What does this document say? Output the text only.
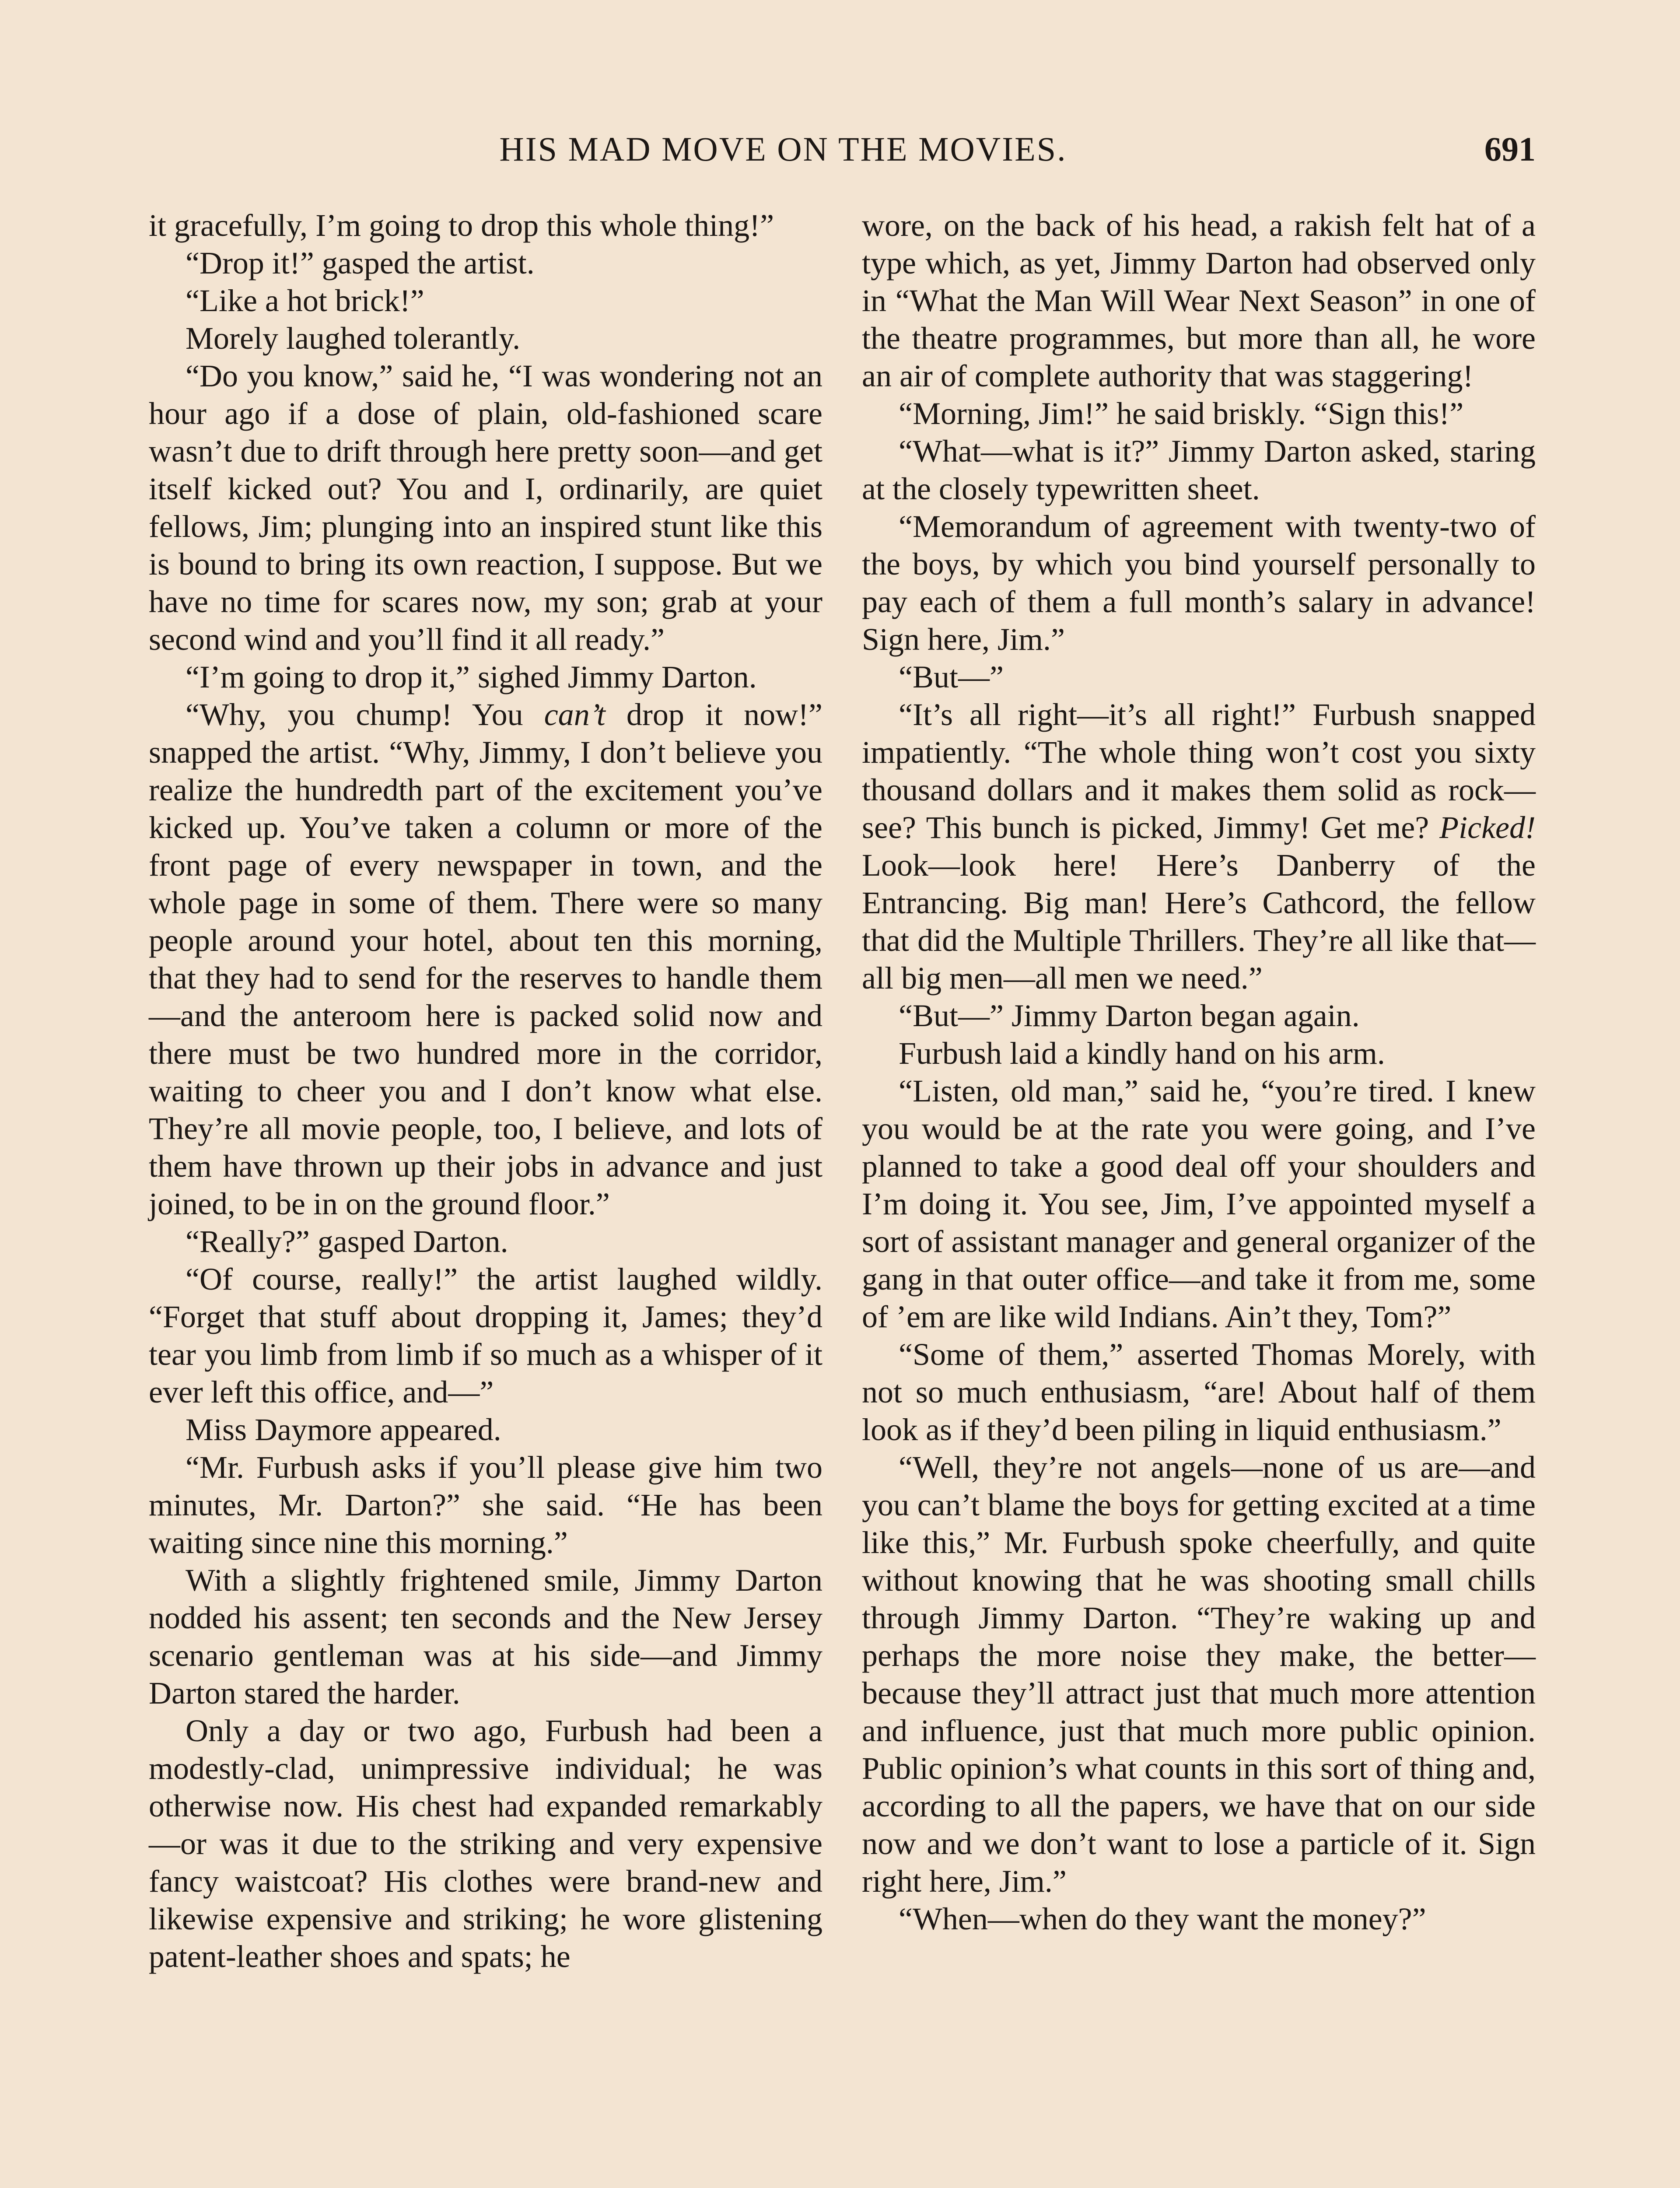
HIS MAD MOVE ON THE MOVIES.	691

it gracefully, I’m going to drop this whole thing!”

“Drop it!” gasped the artist.

“Like a hot brick!”

Morely laughed tolerantly.

“Do you know,” said he, “I was wondering not an hour ago if a dose of plain, old-fashioned scare wasn’t due to drift through here pretty soon—and get itself kicked out? You and I, ordinarily, are quiet fellows, Jim; plunging into an inspired stunt like this is bound to bring its own reaction, I suppose. But we have no time for scares now, my son; grab at your second wind and you’ll find it all ready.”

“I’m going to drop it,” sighed Jimmy Darton.

“Why, you chump! You can’t drop it now!” snapped the artist. “Why, Jimmy, I don’t believe you realize the hundredth part of the excitement you’ve kicked up. You’ve taken a column or more of the front page of every newspaper in town, and the whole page in some of them. There were so many people around your hotel, about ten this morning, that they had to send for the reserves to handle them—and the anteroom here is packed solid now and there must be two hundred more in the corridor, waiting to cheer you and I don’t know what else. They’re all movie people, too, I believe, and lots of them have thrown up their jobs in advance and just joined, to be in on the ground floor.”

“Really?” gasped Darton.

“Of course, really!” the artist laughed wildly. “Forget that stuff about dropping it, James; they’d tear you limb from limb if so much as a whisper of it ever left this office, and—”

Miss Daymore appeared.

“Mr. Furbush asks if you’ll please give him two minutes, Mr. Darton?” she said. “He has been waiting since nine this morning.”

With a slightly frightened smile, Jimmy Darton nodded his assent; ten seconds and the New Jersey scenario gentleman was at his side—and Jimmy Darton stared the harder.

Only a day or two ago, Furbush had been a modestly-clad, unimpressive individual; he was otherwise now. His chest had expanded remarkably—or was it due to the striking and very expensive fancy waistcoat? His clothes were brand-new and likewise expensive and striking; he wore glistening patent-leather shoes and spats; he

wore, on the back of his head, a rakish felt hat of a type which, as yet, Jimmy Darton had observed only in “What the Man Will Wear Next Season” in one of the theatre programmes, but more than all, he wore an air of complete authority that was staggering!

“Morning, Jim!” he said briskly. “Sign this!”

“What—what is it?” Jimmy Darton asked, staring at the closely typewritten sheet.

“Memorandum of agreement with twenty-two of the boys, by which you bind yourself personally to pay each of them a full month’s salary in advance! Sign here, Jim.”

“But—”

“It’s all right—it’s all right!” Furbush snapped impatiently. “The whole thing won’t cost you sixty thousand dollars and it makes them solid as rock—see? This bunch is picked, Jimmy! Get me? Picked! Look—look here! Here’s Danberry of the Entrancing. Big man! Here’s Cathcord, the fellow that did the Multiple Thrillers. They’re all like that—all big men—all men we need.”

“But—” Jimmy Darton began again.

Furbush laid a kindly hand on his arm.

“Listen, old man,” said he, “you’re tired. I knew you would be at the rate you were going, and I’ve planned to take a good deal off your shoulders and I’m doing it. You see, Jim, I’ve appointed myself a sort of assistant manager and general organizer of the gang in that outer office—and take it from me, some of ’em are like wild Indians. Ain’t they, Tom?”

“Some of them,” asserted Thomas Morely, with not so much enthusiasm, “are! About half of them look as if they’d been piling in liquid enthusiasm.”

“Well, they’re not angels—none of us are—and you can’t blame the boys for getting excited at a time like this,” Mr. Furbush spoke cheerfully, and quite without knowing that he was shooting small chills through Jimmy Darton. “They’re waking up and perhaps the more noise they make, the better—because they’ll attract just that much more attention and influence, just that much more public opinion. Public opinion’s what counts in this sort of thing and, according to all the papers, we have that on our side now and we don’t want to lose a particle of it. Sign right here, Jim.”

“When—when do they want the money?”
